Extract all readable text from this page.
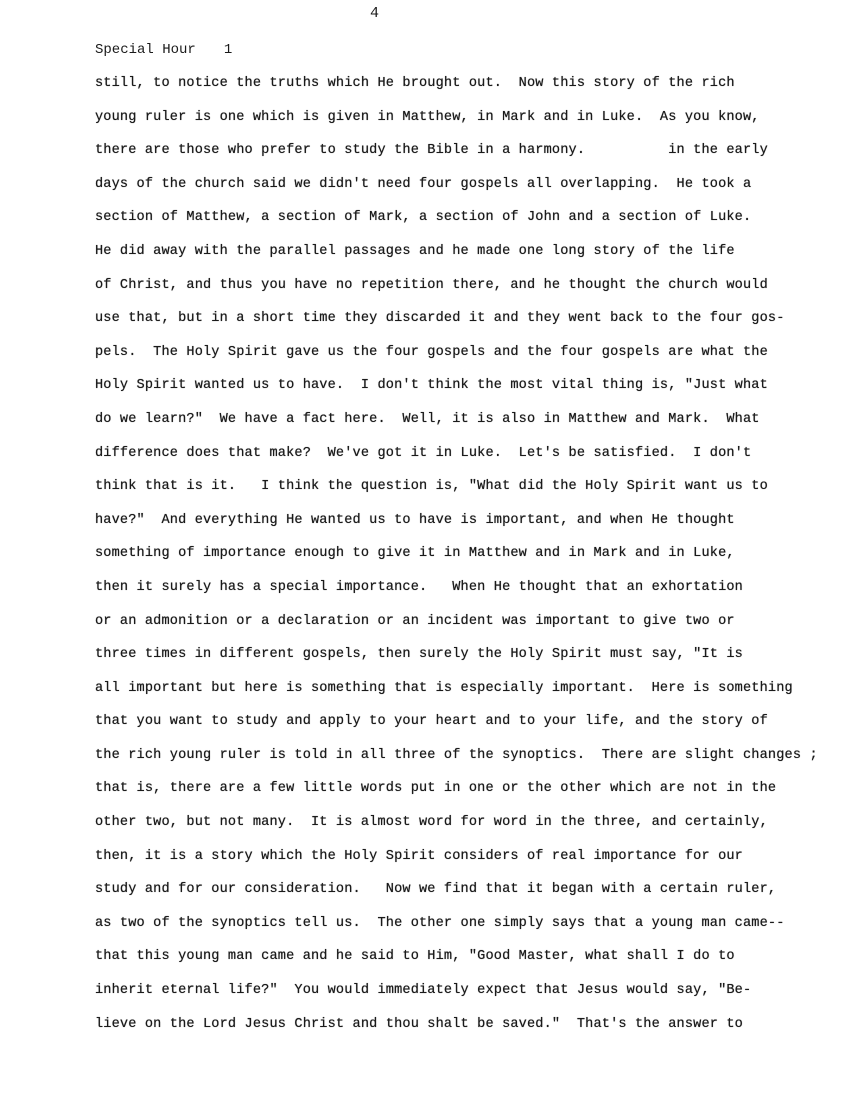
4
Special Hour 1
still, to notice the truths which He brought out.  Now this story of the rich
young ruler is one which is given in Matthew, in Mark and in Luke.  As you know,
there are those who prefer to study the Bible in a harmony.          in the early
days of the church said we didn't need four gospels all overlapping.  He took a
section of Matthew, a section of Mark, a section of John and a section of Luke.
He did away with the parallel passages and he made one long story of the life
of Christ, and thus you have no repetition there, and he thought the church would
use that, but in a short time they discarded it and they went back to the four gos-
pels.  The Holy Spirit gave us the four gospels and the four gospels are what the
Holy Spirit wanted us to have.  I don't think the most vital thing is, "Just what
do we learn?"  We have a fact here.  Well, it is also in Matthew and Mark.  What
difference does that make?  We've got it in Luke.  Let's be satisfied.  I don't
think that is it.   I think the question is, "What did the Holy Spirit want us to
have?"  And everything He wanted us to have is important, and when He thought
something of importance enough to give it in Matthew and in Mark and in Luke,
then it surely has a special importance.   When He thought that an exhortation
or an admonition or a declaration or an incident was important to give two or
three times in different gospels, then surely the Holy Spirit must say, "It is
all important but here is something that is especially important.  Here is something
that you want to study and apply to your heart and to your life, and the story of
the rich young ruler is told in all three of the synoptics.  There are slight changes ;
that is, there are a few little words put in one or the other which are not in the
other two, but not many.  It is almost word for word in the three, and certainly,
then, it is a story which the Holy Spirit considers of real importance for our
study and for our consideration.   Now we find that it began with a certain ruler,
as two of the synoptics tell us.  The other one simply says that a young man came--
that this young man came and he said to Him, "Good Master, what shall I do to
inherit eternal life?"  You would immediately expect that Jesus would say, "Be-
lieve on the Lord Jesus Christ and thou shalt be saved."  That's the answer to
